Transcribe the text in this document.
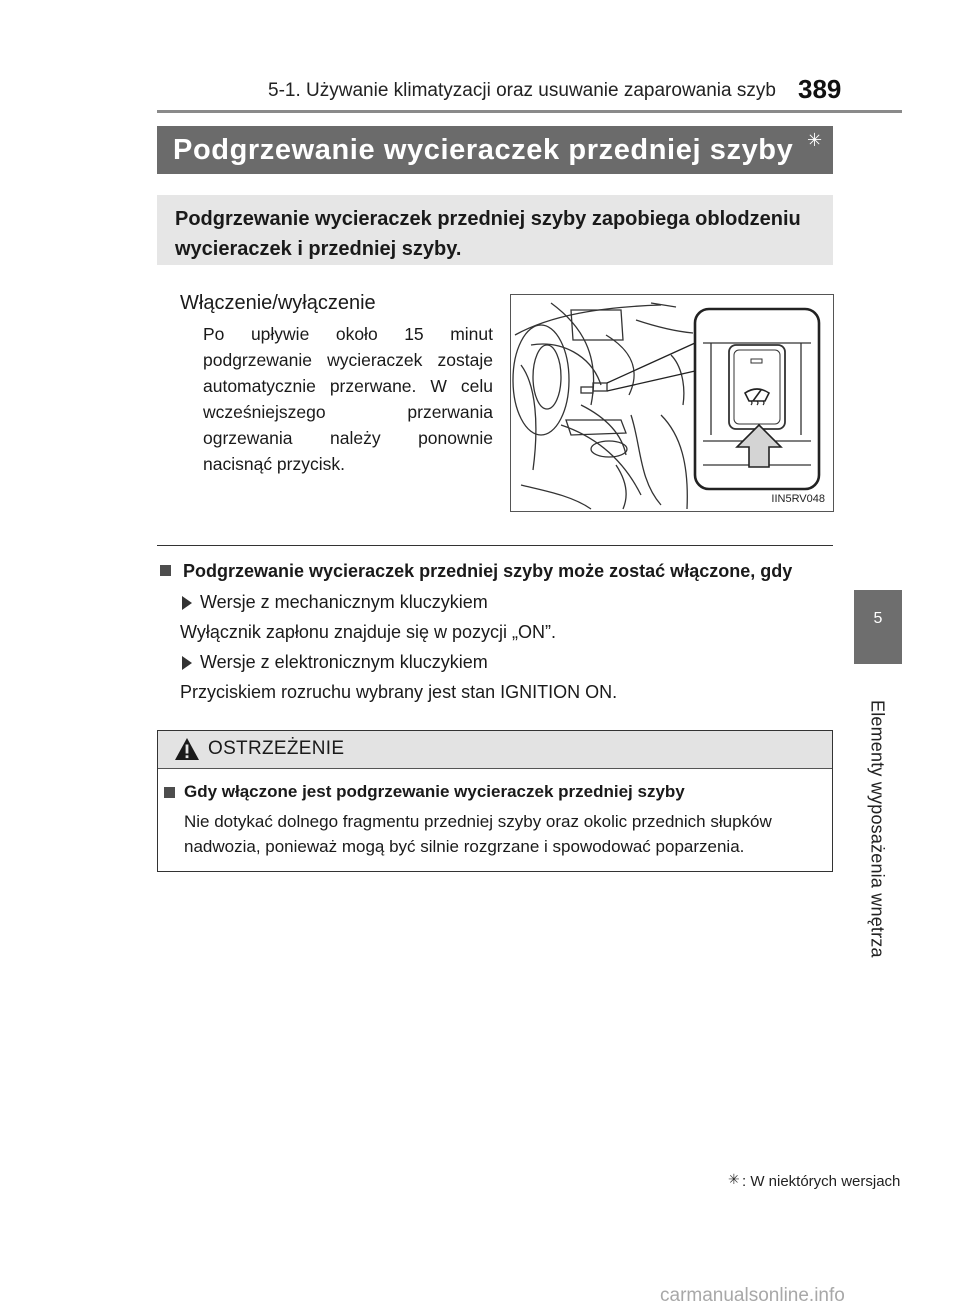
5-1. Używanie klimatyzacji oraz usuwanie zaparowania szyb 389
5
Elementy wyposażenia wnętrza
Podgrzewanie wycieraczek przedniej szyby ✳
Podgrzewanie wycieraczek przedniej szyby zapobiega oblodzeniu wycieraczek i przedniej szyby.
Włączenie/wyłączenie
Po upływie około 15 minut podgrzewanie wycieraczek zostaje automatycznie przerwane. W celu wcześniejszego przerwania ogrzewania należy ponownie nacisnąć przycisk.
IIN5RV048
Podgrzewanie wycieraczek przedniej szyby może zostać włączone, gdy
Wersje z mechanicznym kluczykiem
Wyłącznik zapłonu znajduje się w pozycji „ON”.
Wersje z elektronicznym kluczykiem
Przyciskiem rozruchu wybrany jest stan IGNITION ON.
OSTRZEŻENIE
Gdy włączone jest podgrzewanie wycieraczek przedniej szyby
Nie dotykać dolnego fragmentu przedniej szyby oraz okolic przednich słupków nadwozia, ponieważ mogą być silnie rozgrzane i spowodować poparzenia.
✳ : W niektórych wersjach
carmanualsonline.info
